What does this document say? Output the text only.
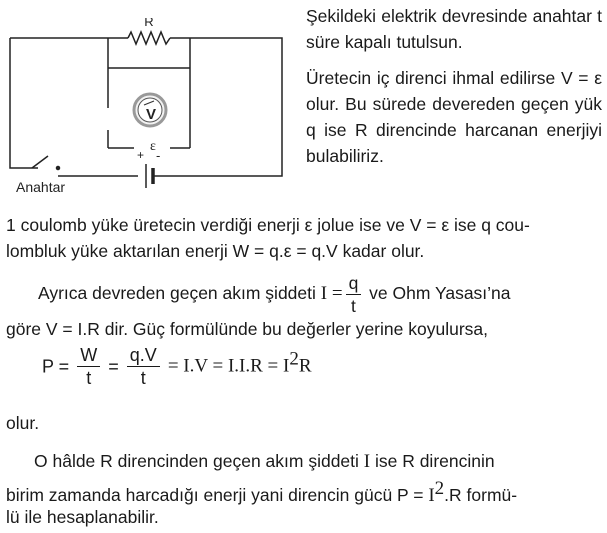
V
R
+ -
ε
Anahtar

Şekildeki elektrik devresinde anahtar t süre kapalı tutulsun.

Üretecin iç direnci ihmal edilirse V = ε olur. Bu sürede devereden geçen yük q ise R direncinde harcanan enerjiyi bulabiliriz.

1 coulomb yüke üretecin verdiği enerji ε jolue ise ve V = ε ise q cou-
lombluk yüke aktarılan enerji W = q.ε = q.V kadar olur.
Ayrıca devreden geçen akım şiddeti $I = \frac{q}{t}$ ve Ohm Yasası’na
göre V = I.R dir. Güç formülünde bu değerler yerine koyulursa,
$P = \frac{W}{t} = \frac{q.V}{t} = I.V = I.I.R = I^2R$
olur.
O hâlde R direncinden geçen akım şiddeti I ise R direncinin
birim zamanda harcadığı enerji yani direncin gücü $P = I^2.R$ formü-
lü ile hesaplanabilir.
